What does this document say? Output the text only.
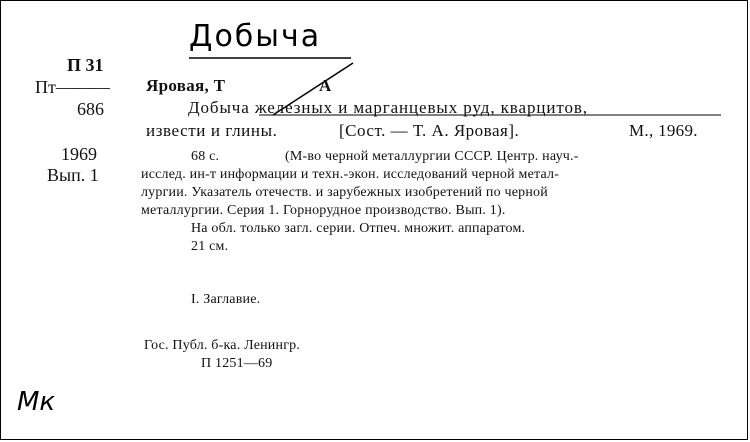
Добыча
П 31
Пт———
686
1969
Вып. 1
Яровая, Т	А
Добыча железных и марганцевых руд, кварцитов,
извести и глины.	[Сост. — Т. А. Яровая].	М., 1969.
68 с.	(М-во черной металлургии СССР. Центр. науч.-
исслед. ин-т информации и техн.-экон. исследований черной метал-
лургии. Указатель отечеств. и зарубежных изобретений по черной
металлургии. Серия 1. Горнорудное производство. Вып. 1).
На обл. только загл. серии. Отпеч. множит. аппаратом.
21 см.
I. Заглавие.
Гос. Публ. б-ка. Ленингр.
П 1251—69
Мк
